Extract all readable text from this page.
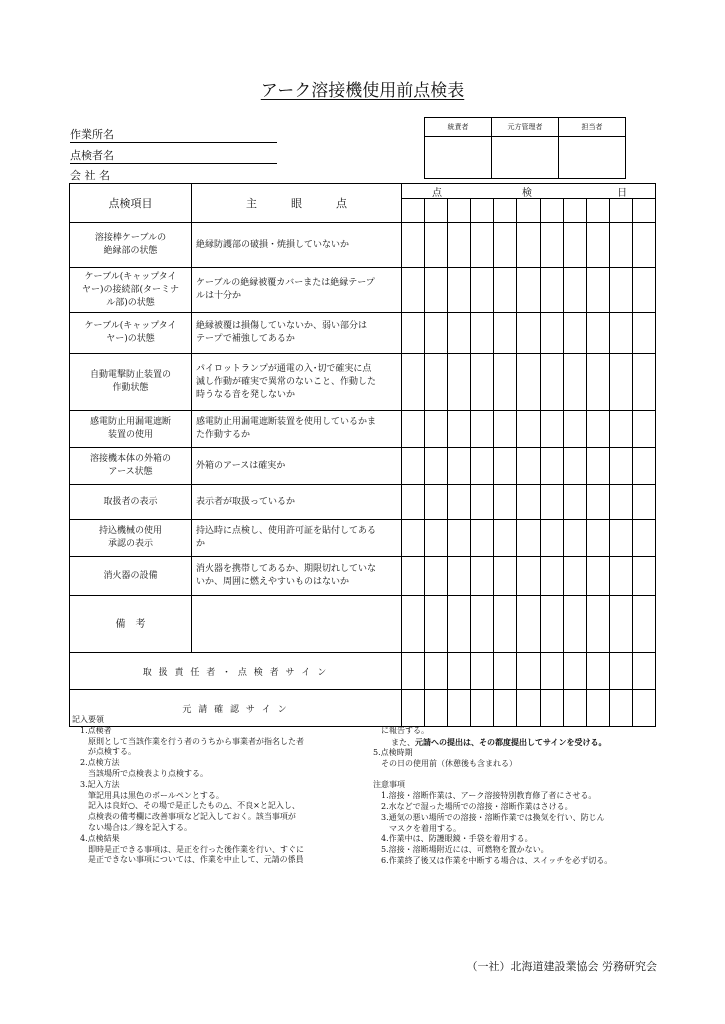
アーク溶接機使用前点検表
作業所名
点検者名
会 社 名
統責者	元方管理者	担当者

点検項目	主眼点	点 検 日										

溶接棒ケーブルの
絶縁部の状態	絶縁防護部の破損・焼損していないか											
ケーブル(キャップタイ
ヤー)の接続部(ターミナ
ル部)の状態	ケーブルの絶縁被覆カバーまたは絶縁テープ
ルは十分か											
ケーブル(キャップタイ
ヤー)の状態	絶縁被覆は損傷していないか、弱い部分は
テープで補強してあるか											
自動電撃防止装置の
作動状態	パイロットランプが通電の入･切で確実に点
滅し作動が確実で異常のないこと、作動した
時うなる音を発しないか											
感電防止用漏電遮断
装置の使用	感電防止用漏電遮断装置を使用しているかま
た作動するか											
溶接機本体の外箱の
アース状態	外箱のアースは確実か											
取扱者の表示	表示者が取扱っているか											
持込機械の使用
承認の表示	持込時に点検し、使用許可証を貼付してある
か											
消火器の設備	消火器を携帯してあるか、期限切れしていな
いか、周囲に燃えやすいものはないか											
備　考												
取 扱 責 任 者 ・ 点 検 者 サ イ ン												
元 請 確 認 サ イ ン												
記入要領
　1.点検者
　　原則として当該作業を行う者のうちから事業者が指名した者
　　が点検する。
　2.点検方法
　　当該場所で点検表より点検する。
　3.記入方法
　　筆記用具は黒色のボールペンとする。
　　記入は良好○、その場で是正したもの△、不良×と記入し、
　　点検表の備考欄に改善事項など記入しておく。該当事項が
　　ない場合は／線を記入する。
　4.点検結果
　　即時是正できる事項は、是正を行った後作業を行い、すぐに
　　是正できない事項については、作業を中止して、元請の係員
に報告する。
また、元請への提出は、その都度提出してサインを受ける。
5.点検時期
　その日の使用前（休憩後も含まれる）

注意事項
　1.溶接・溶断作業は、アーク溶接特別教育修了者にさせる。
　2.水などで湿った場所での溶接・溶断作業はさける。
　3.通気の悪い場所での溶接・溶断作業では換気を行い、防じん
　　マスクを着用する。
　4.作業中は、防護眼鏡・手袋を着用する。
　5.溶接・溶断場附近には、可燃物を置かない。
　6.作業終了後又は作業を中断する場合は、スイッチを必ず切る。
（一社）北海道建設業協会 労務研究会
